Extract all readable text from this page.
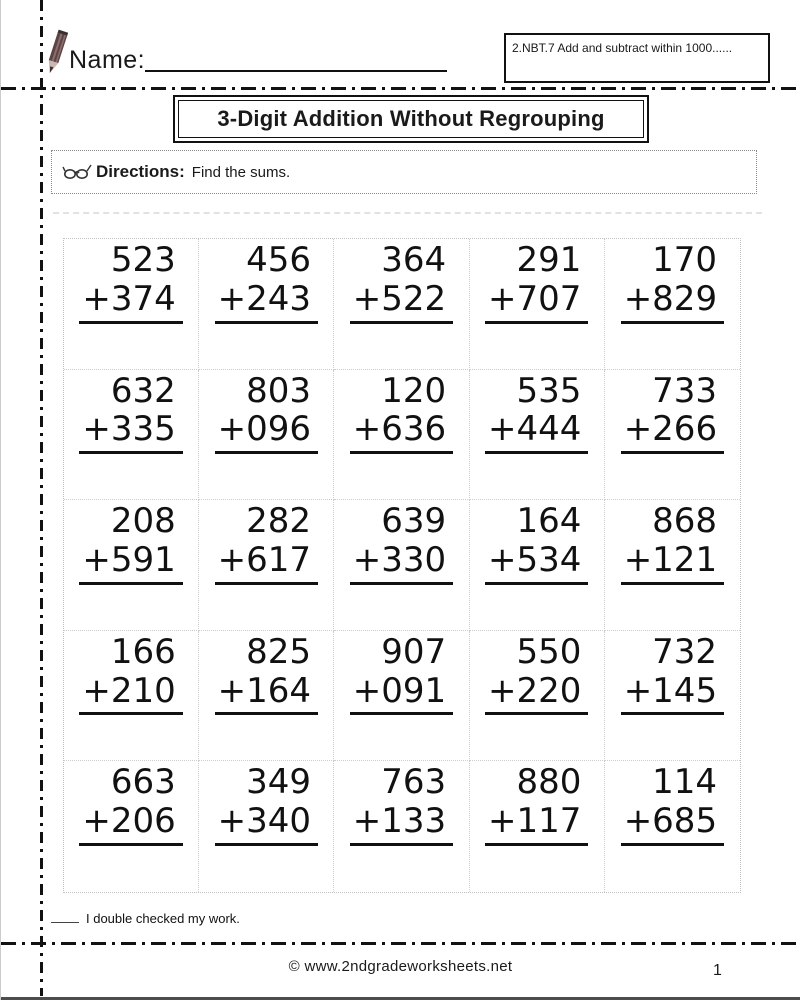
Name:	2.NBT.7 Add and subtract within 1000......
3-Digit Addition Without Regrouping
Directions: Find the sums.
523
+374
456
+243
364
+522
291
+707
170
+829
632
+335
803
+096
120
+636
535
+444
733
+266
208
+591
282
+617
639
+330
164
+534
868
+121
166
+210
825
+164
907
+091
550
+220
732
+145
663
+206
349
+340
763
+133
880
+117
114
+685
I double checked my work.
© www.2ndgradeworksheets.net	1
